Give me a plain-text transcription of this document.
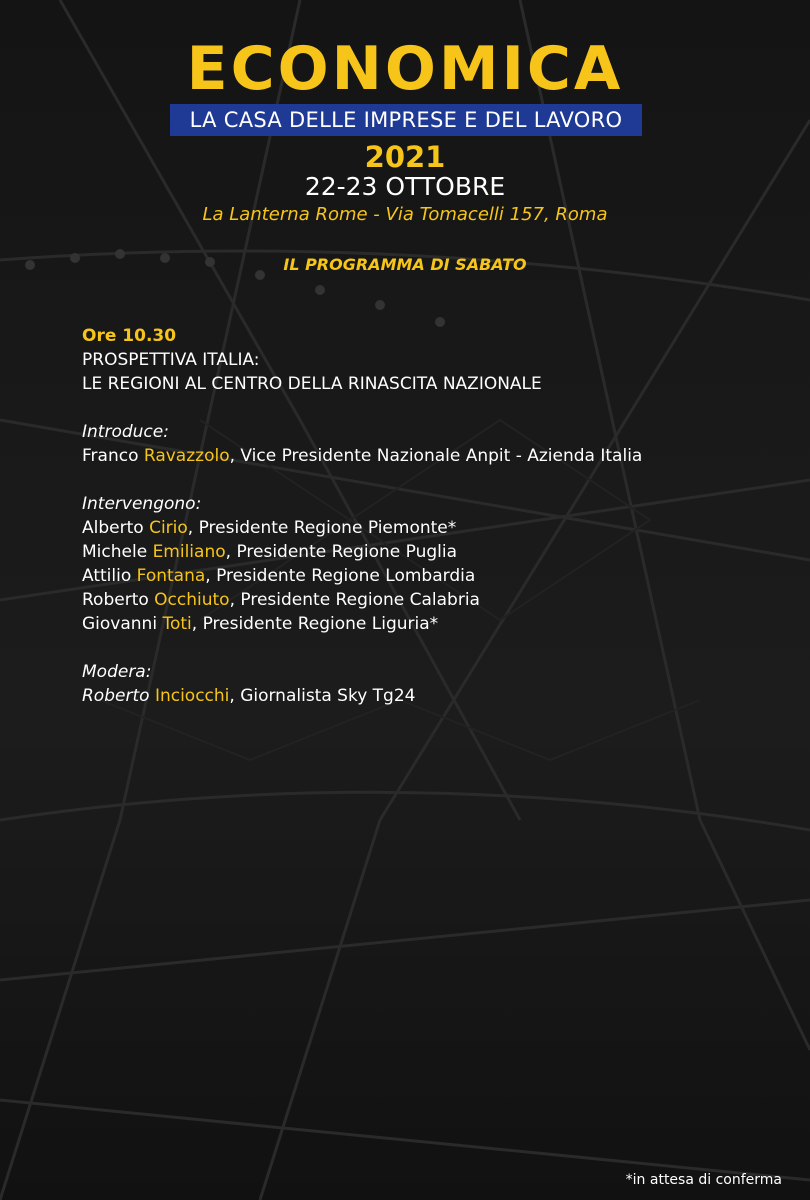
ECONOMICA
LA CASA DELLE IMPRESE E DEL LAVORO
2021
22-23 OTTOBRE
La Lanterna Rome - Via Tomacelli 157, Roma
IL PROGRAMMA DI SABATO
Ore 10.30
PROSPETTIVA ITALIA:
LE REGIONI AL CENTRO DELLA RINASCITA NAZIONALE
Introduce:
Franco Ravazzolo, Vice Presidente Nazionale Anpit - Azienda Italia
Intervengono:
Alberto Cirio, Presidente Regione Piemonte*
Michele Emiliano, Presidente Regione Puglia
Attilio Fontana, Presidente Regione Lombardia
Roberto Occhiuto, Presidente Regione Calabria
Giovanni Toti, Presidente Regione Liguria*
Modera:
Roberto Inciocchi, Giornalista Sky Tg24
*in attesa di conferma
